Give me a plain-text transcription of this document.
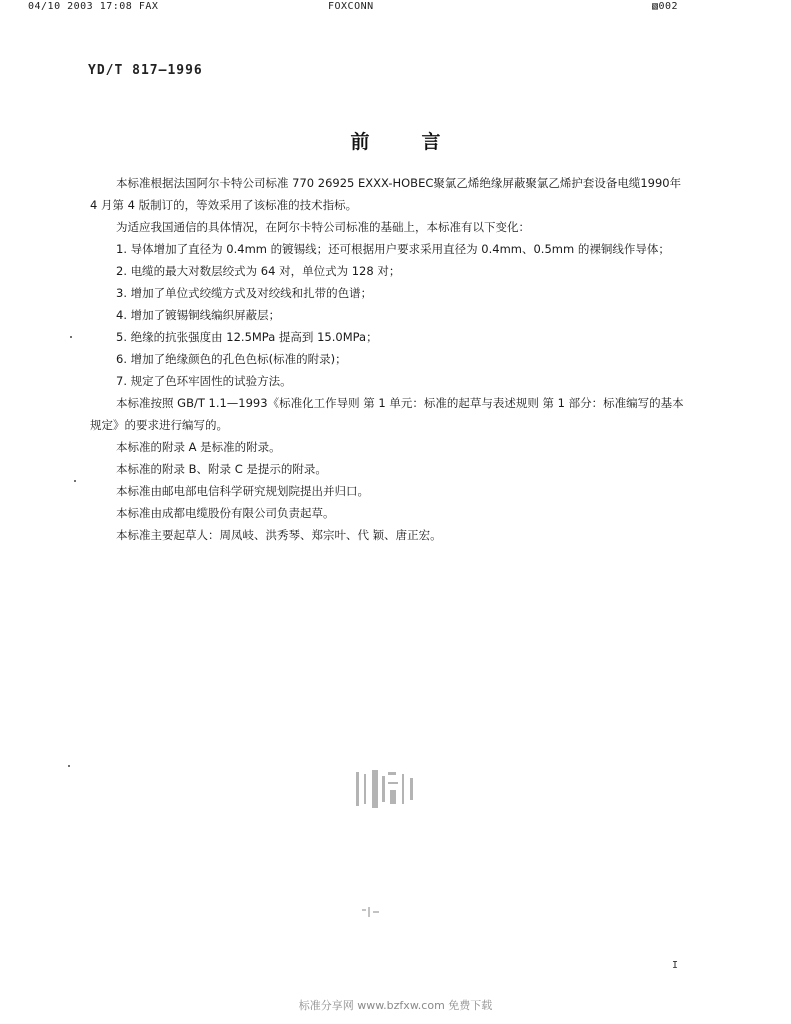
04/10 2003 17:08 FAX	FOXCONN	▧002
YD/T 817—1996
前言

本标准根据法国阿尔卡特公司标准 770 26925 EXXX-HOBEC聚氯乙烯绝缘屏蔽聚氯乙烯护套设备电缆1990年 4 月第 4 版制订的，等效采用了该标准的技术指标。

为适应我国通信的具体情况，在阿尔卡特公司标准的基础上，本标准有以下变化：

1. 导体增加了直径为 0.4mm 的镀锡线；还可根据用户要求采用直径为 0.4mm、0.5mm 的裸铜线作导体；

2. 电缆的最大对数层绞式为 64 对，单位式为 128 对；

3. 增加了单位式绞缆方式及对绞线和扎带的色谱；

4. 增加了镀锡铜线编织屏蔽层；

5. 绝缘的抗张强度由 12.5MPa 提高到 15.0MPa；

6. 增加了绝缘颜色的孔色色标(标准的附录)；

7. 规定了色环牢固性的试验方法。

本标准按照 GB/T 1.1—1993《标准化工作导则 第 1 单元：标准的起草与表述规则 第 1 部分：标准编写的基本规定》的要求进行编写的。

本标准的附录 A 是标准的附录。

本标准的附录 B、附录 C 是提示的附录。

本标准由邮电部电信科学研究规划院提出并归口。

本标准由成都电缆股份有限公司负责起草。

本标准主要起草人：周凤岐、洪秀琴、郑宗叶、代 颖、唐正宏。

I
标准分享网 www.bzfxw.com 免费下载
